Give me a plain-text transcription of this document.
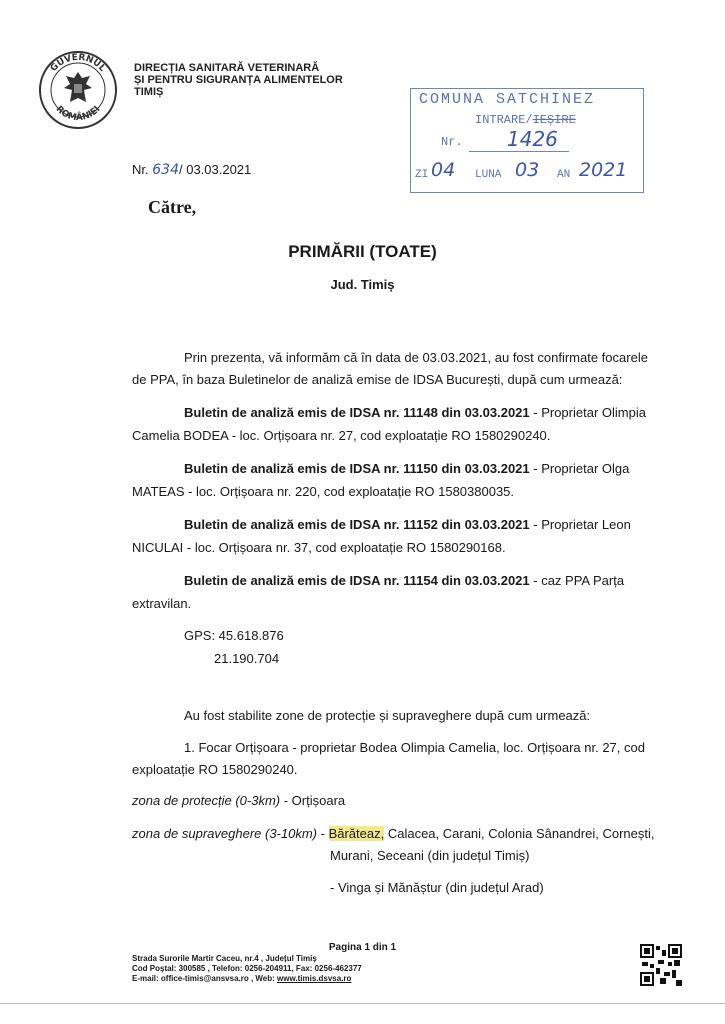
GUVERNUL
ROMÂNIEI
DIRECȚIA SANITARĂ VETERINARĂ
ȘI PENTRU SIGURANȚA ALIMENTELOR
TIMIȘ	COMUNA SATCHINEZ
INTRARE/IEȘIRE
Nr. 1426
ZI 04 LUNA 03 AN 2021
Nr. 634/ 03.03.2021
Către,
PRIMĂRII (TOATE)
Jud. Timiș
Prin prezenta, vă informăm că în data de 03.03.2021, au fost confirmate focarele
de PPA, în baza Buletinelor de analiză emise de IDSA București, după cum urmează:
Buletin de analiză emis de IDSA nr. 11148 din 03.03.2021 - Proprietar Olimpia
Camelia BODEA - loc. Orțișoara nr. 27, cod exploatație RO 1580290240.
Buletin de analiză emis de IDSA nr. 11150 din 03.03.2021 - Proprietar Olga
MATEAS - loc. Orțișoara nr. 220, cod exploatație RO 1580380035.
Buletin de analiză emis de IDSA nr. 11152 din 03.03.2021 - Proprietar Leon
NICULAI - loc. Orțișoara nr. 37, cod exploatație RO 1580290168.
Buletin de analiză emis de IDSA nr. 11154 din 03.03.2021 - caz PPA Parța
extravilan.
GPS: 45.618.876
21.190.704
Au fost stabilite zone de protecție și supraveghere după cum urmează:
1. Focar Orțișoara - proprietar Bodea Olimpia Camelia, loc. Orțișoara nr. 27, cod
exploatație RO 1580290240.
zona de protecție (0-3km) - Orțișoara
zona de supraveghere (3-10km) - Bărăteaz, Calacea, Carani, Colonia Sânandrei, Cornești,
Murani, Seceani (din județul Timiș)
- Vinga și Mănăștur (din județul Arad)
Pagina 1 din 1
Strada Surorile Martir Caceu, nr.4 , Județul Timiș
Cod Poștal: 300585 , Telefon: 0256-204911, Fax: 0256-462377
E-mail: office-timis@ansvsa.ro , Web: www.timis.dsvsa.ro
